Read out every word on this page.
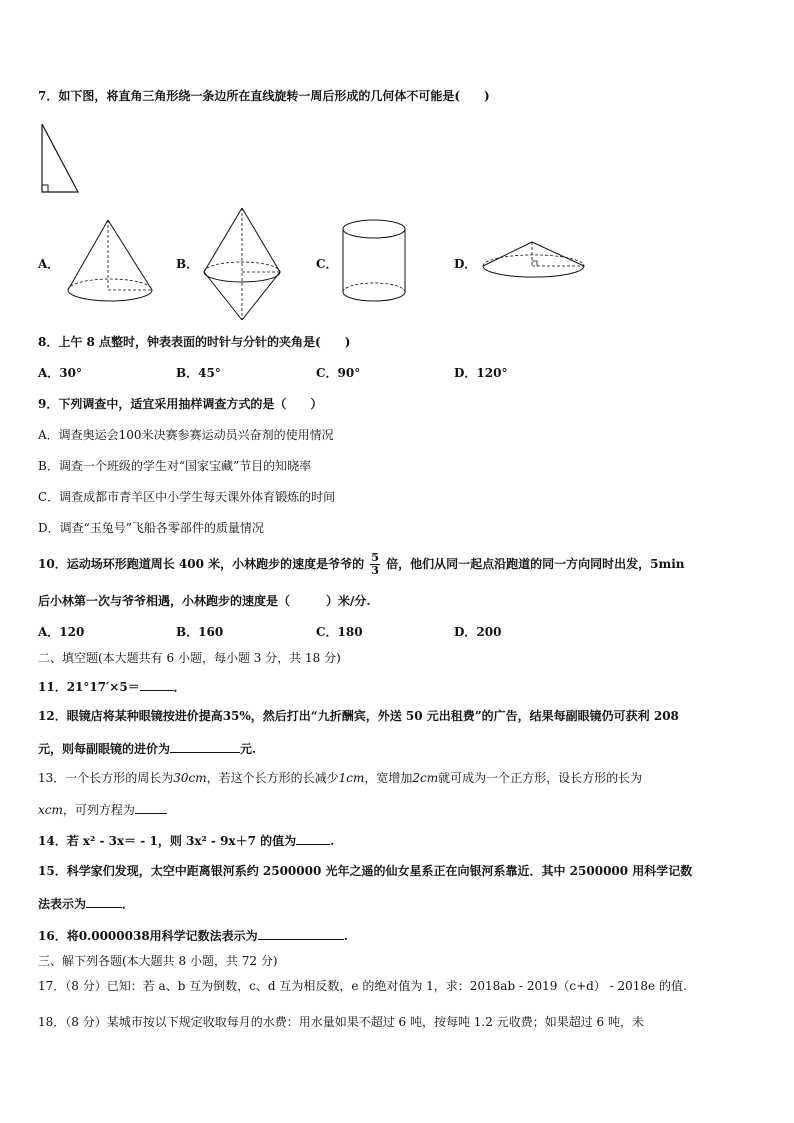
7．如下图，将直角三角形绕一条边所在直线旋转一周后形成的几何体不可能是(　　)
A．	B．	C．	D．
8．上午 8 点整时，钟表表面的时针与分针的夹角是(　　)
A．30°	B．45°	C．90°	D．120°
9．下列调查中，适宜采用抽样调查方式的是（　　）
A．调查奥运会100米决赛参赛运动员兴奋剂的使用情况
B．调查一个班级的学生对“国家宝藏”节目的知晓率
C．调查成都市青羊区中小学生每天课外体育锻炼的时间
D．调查“玉兔号”飞船各零部件的质量情况
10．运动场环形跑道周长 400 米，小林跑步的速度是爷爷的 $\frac{5}{3}$ 倍，他们从同一起点沿跑道的同一方向同时出发，5min
后小林第一次与爷爷相遇，小林跑步的速度是（　　　）米/分.
A．120	B．160	C．180	D．200
二、填空题(本大题共有 6 小题，每小题 3 分，共 18 分)
11．21°17′×5＝	．
12．眼镜店将某种眼镜按进价提高35%，然后打出“九折酬宾，外送 50 元出租费”的广告，结果每副眼镜仍可获利 208
元，则每副眼镜的进价为	元.
13．一个长方形的周长为30cm，若这个长方形的长减少1cm，宽增加2cm就可成为一个正方形，设长方形的长为
xcm，可列方程为
14．若 x² - 3x＝ - 1，则 3x² - 9x＋7 的值为	.
15．科学家们发现，太空中距离银河系约 2500000 光年之遥的仙女星系正在向银河系靠近．其中 2500000 用科学记数
法表示为	．
16．将0.0000038用科学记数法表示为	.
三、解下列各题(本大题共 8 小题，共 72 分)
17．（8 分）已知：若 a、b 互为倒数，c、d 互为相反数，e 的绝对值为 1，求：2018ab - 2019（c+d） - 2018e 的值.
18．（8 分）某城市按以下规定收取每月的水费：用水量如果不超过 6 吨，按每吨 1.2 元收费；如果超过 6 吨，未
